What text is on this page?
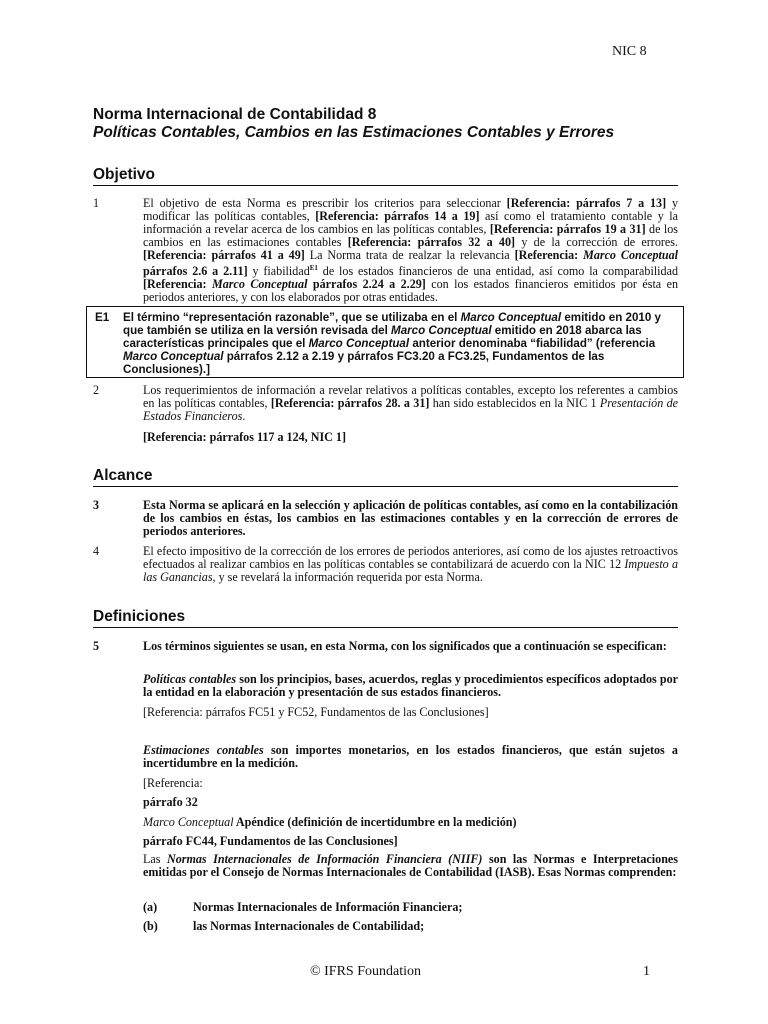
NIC 8
Norma Internacional de Contabilidad 8
Políticas Contables, Cambios en las Estimaciones Contables y Errores
Objetivo
1	El objetivo de esta Norma es prescribir los criterios para seleccionar [Referencia: párrafos 7 a 13] y modificar las políticas contables, [Referencia: párrafos 14 a 19] así como el tratamiento contable y la información a revelar acerca de los cambios en las políticas contables, [Referencia: párrafos 19 a 31] de los cambios en las estimaciones contables [Referencia: párrafos 32 a 40] y de la corrección de errores. [Referencia: párrafos 41 a 49] La Norma trata de realzar la relevancia [Referencia: Marco Conceptual párrafos 2.6 a 2.11] y fiabilidad$^{E1}$ de los estados financieros de una entidad, así como la comparabilidad [Referencia: Marco Conceptual párrafos 2.24 a 2.29] con los estados financieros emitidos por ésta en periodos anteriores, y con los elaborados por otras entidades.
E1 El término “representación razonable”, que se utilizaba en el Marco Conceptual emitido en 2010 y que también se utiliza en la versión revisada del Marco Conceptual emitido en 2018 abarca las características principales que el Marco Conceptual anterior denominaba “fiabilidad” (referencia Marco Conceptual párrafos 2.12 a 2.19 y párrafos FC3.20 a FC3.25, Fundamentos de las Conclusiones).]
2	Los requerimientos de información a revelar relativos a políticas contables, excepto los referentes a cambios en las políticas contables, [Referencia: párrafos 28. a 31] han sido establecidos en la NIC 1 Presentación de Estados Financieros.
[Referencia: párrafos 117 a 124, NIC 1]
Alcance
3	Esta Norma se aplicará en la selección y aplicación de políticas contables, así como en la contabilización de los cambios en éstas, los cambios en las estimaciones contables y en la corrección de errores de periodos anteriores.
4	El efecto impositivo de la corrección de los errores de periodos anteriores, así como de los ajustes retroactivos efectuados al realizar cambios en las políticas contables se contabilizará de acuerdo con la NIC 12 Impuesto a las Ganancias, y se revelará la información requerida por esta Norma.
Definiciones
5	Los términos siguientes se usan, en esta Norma, con los significados que a continuación se especifican:
Políticas contables son los principios, bases, acuerdos, reglas y procedimientos específicos adoptados por la entidad en la elaboración y presentación de sus estados financieros.
[Referencia: párrafos FC51 y FC52, Fundamentos de las Conclusiones]
Estimaciones contables son importes monetarios, en los estados financieros, que están sujetos a incertidumbre en la medición.
[Referencia:
párrafo 32
Marco Conceptual Apéndice (definición de incertidumbre en la medición)
párrafo FC44, Fundamentos de las Conclusiones]
Las Normas Internacionales de Información Financiera (NIIF) son las Normas e Interpretaciones emitidas por el Consejo de Normas Internacionales de Contabilidad (IASB). Esas Normas comprenden:
(a)	Normas Internacionales de Información Financiera;
(b)	las Normas Internacionales de Contabilidad;
© IFRS Foundation	1
